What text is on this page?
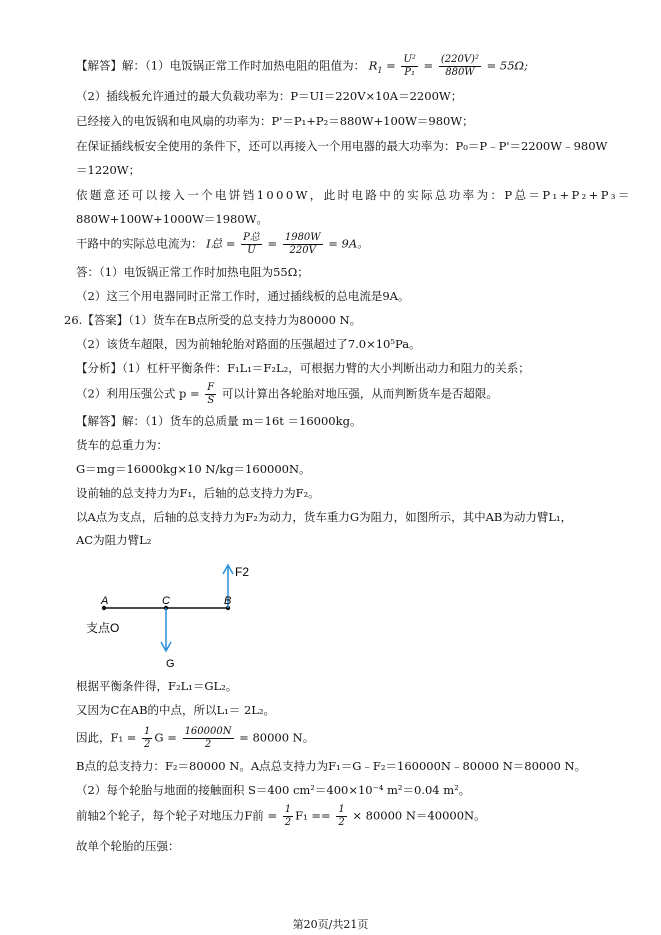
【解答】解：（1）电饭锅正常工作时加热电阻的阻值为： $R_1 = \frac{\text{U²}}{\text{P₁}} = \frac{\text{(220V)²}}{880W} = 55\Omega$;
（2）插线板允许通过的最大负载功率为：P＝UI＝220V×10A＝2200W；
已经接入的电饭锅和电风扇的功率为：P'＝P₁+P₂＝880W+100W＝980W；
在保证插线板安全使用的条件下，还可以再接入一个用电器的最大功率为：P₀＝P﹣P'＝2200W﹣980W
＝1220W；
依题意还可以接入一个电饼铛1000W，此时电路中的实际总功率为：P总＝P₁+P₂+P₃＝
880W+100W+1000W＝1980W。
干路中的实际总电流为： I总 = $\frac{\text{P总}}{U} = \frac{1980W}{220V} = 9A$。
答：（1）电饭锅正常工作时加热电阻为55Ω；
（2）这三个用电器同时正常工作时，通过插线板的总电流是9A。
26.【答案】（1）货车在B点所受的总支持力为80000 N。
（2）该货车超限，因为前轴轮胎对路面的压强超过了7.0×10⁵Pa。
【分析】（1）杠杆平衡条件：F₁L₁＝F₂L₂，可根据力臂的大小判断出动力和阻力的关系；
（2）利用压强公式 $p = \frac{F}{S}$ 可以计算出各轮胎对地压强，从而判断货车是否超限。
【解答】解：（1）货车的总质量 m＝16t ＝16000kg。
货车的总重力为：
G＝mg＝16000kg×10 N/kg＝160000N。
设前轴的总支持力为F₁，后轴的总支持力为F₂。
以A点为支点，后轴的总支持力为F₂为动力，货车重力G为阻力，如图所示，其中AB为动力臂L₁，
AC为阻力臂L₂
A	C	B
F2
G
支点O
根据平衡条件得，F₂L₁＝GL₂。
又因为C在AB的中点，所以L₁＝ 2L₂。
因此，$F_1 = \frac{1}{2}$ $G = \frac{160000N}{2} = 80000$ N。
B点的总支持力：F₂＝80000 N。A点总支持力为F₁＝G﹣F₂＝160000N﹣80000 N＝80000 N。
（2）每个轮胎与地面的接触面积 S＝400 cm²＝400×10⁻⁴ m²＝0.04 m²。
前轴2个轮子，每个轮子对地压力F前 = $\frac{1}{2} F_1 == \frac{1}{2} \times 80000$ N＝40000N。
故单个轮胎的压强：
第20页/共21页
